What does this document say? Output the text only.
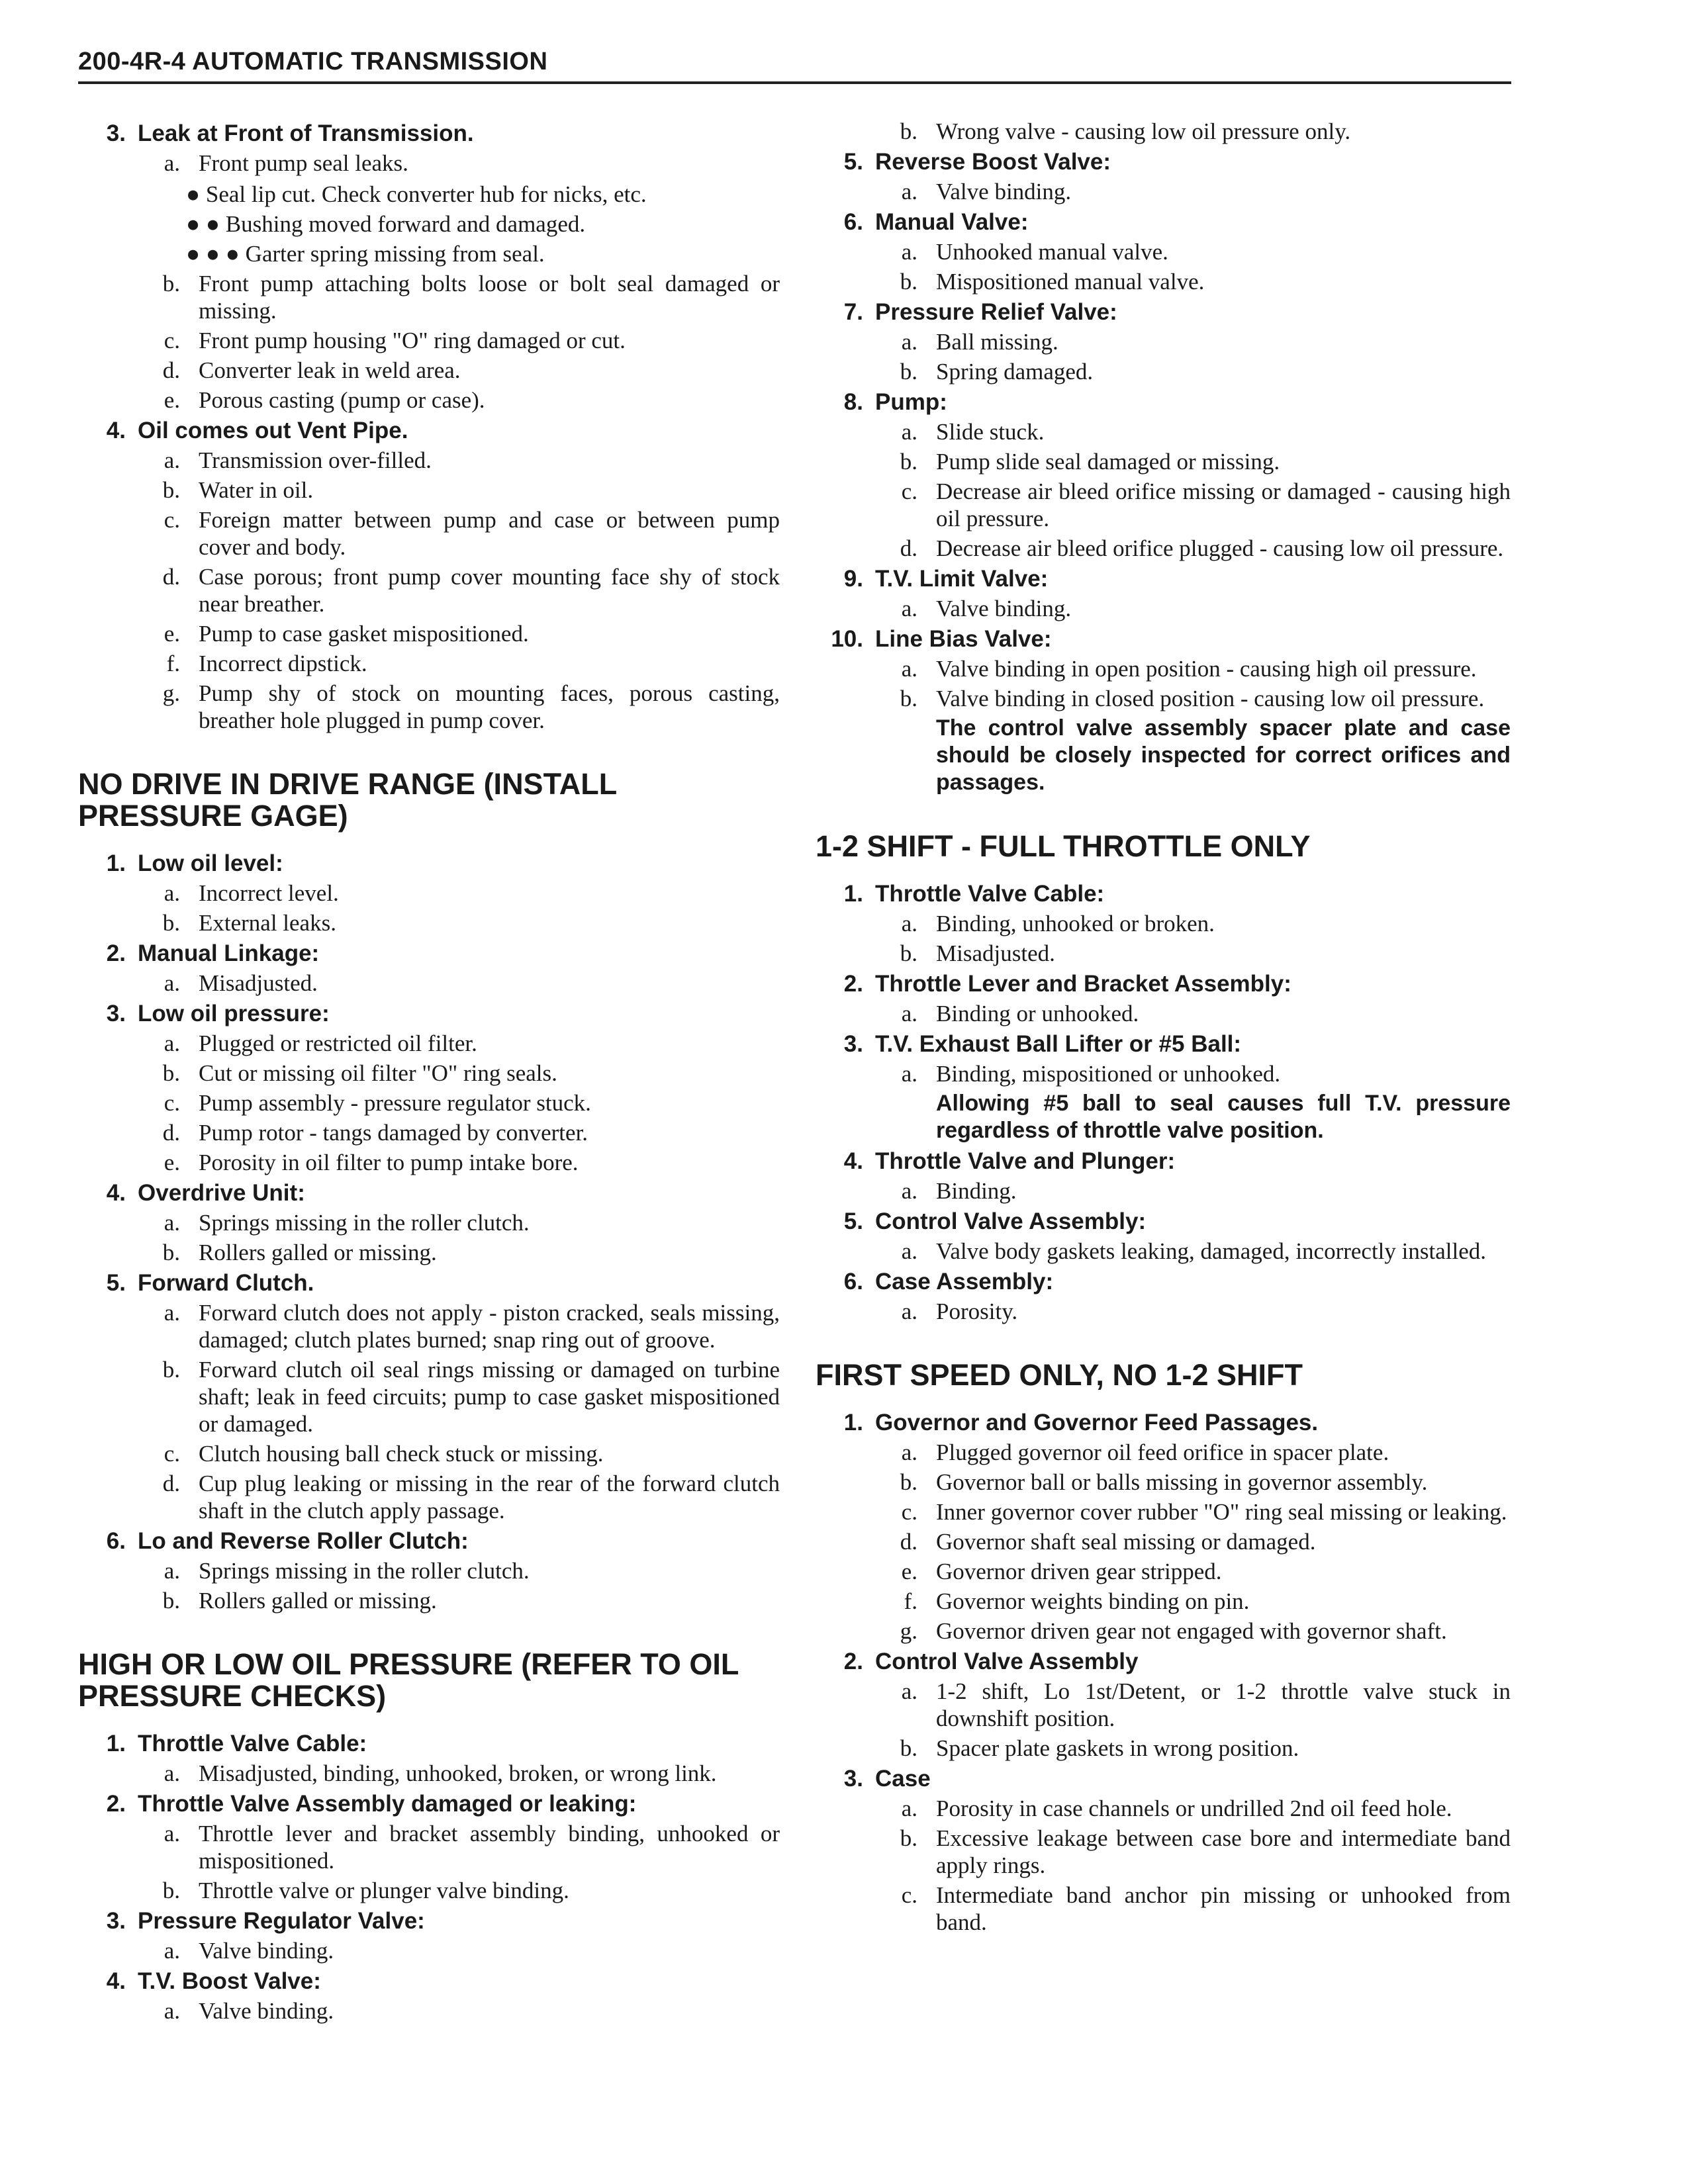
200-4R-4 AUTOMATIC TRANSMISSION
3. Leak at Front of Transmission.
a. Front pump seal leaks.
● Seal lip cut. Check converter hub for nicks, etc.
● ● Bushing moved forward and damaged.
● ● ● Garter spring missing from seal.
b. Front pump attaching bolts loose or bolt seal damaged or missing.
c. Front pump housing "O" ring damaged or cut.
d. Converter leak in weld area.
e. Porous casting (pump or case).
4. Oil comes out Vent Pipe.
a. Transmission over-filled.
b. Water in oil.
c. Foreign matter between pump and case or between pump cover and body.
d. Case porous; front pump cover mounting face shy of stock near breather.
e. Pump to case gasket mispositioned.
f. Incorrect dipstick.
g. Pump shy of stock on mounting faces, porous casting, breather hole plugged in pump cover.
NO DRIVE IN DRIVE RANGE (INSTALL PRESSURE GAGE)
1. Low oil level:
a. Incorrect level.
b. External leaks.
2. Manual Linkage:
a. Misadjusted.
3. Low oil pressure:
a. Plugged or restricted oil filter.
b. Cut or missing oil filter "O" ring seals.
c. Pump assembly - pressure regulator stuck.
d. Pump rotor - tangs damaged by converter.
e. Porosity in oil filter to pump intake bore.
4. Overdrive Unit:
a. Springs missing in the roller clutch.
b. Rollers galled or missing.
5. Forward Clutch.
a. Forward clutch does not apply - piston cracked, seals missing, damaged; clutch plates burned; snap ring out of groove.
b. Forward clutch oil seal rings missing or damaged on turbine shaft; leak in feed circuits; pump to case gasket mispositioned or damaged.
c. Clutch housing ball check stuck or missing.
d. Cup plug leaking or missing in the rear of the forward clutch shaft in the clutch apply passage.
6. Lo and Reverse Roller Clutch:
a. Springs missing in the roller clutch.
b. Rollers galled or missing.
HIGH OR LOW OIL PRESSURE (REFER TO OIL PRESSURE CHECKS)
1. Throttle Valve Cable:
a. Misadjusted, binding, unhooked, broken, or wrong link.
2. Throttle Valve Assembly damaged or leaking:
a. Throttle lever and bracket assembly binding, unhooked or mispositioned.
b. Throttle valve or plunger valve binding.
3. Pressure Regulator Valve:
a. Valve binding.
4. T.V. Boost Valve:
a. Valve binding.
b. Wrong valve - causing low oil pressure only.
5. Reverse Boost Valve:
a. Valve binding.
6. Manual Valve:
a. Unhooked manual valve.
b. Mispositioned manual valve.
7. Pressure Relief Valve:
a. Ball missing.
b. Spring damaged.
8. Pump:
a. Slide stuck.
b. Pump slide seal damaged or missing.
c. Decrease air bleed orifice missing or damaged - causing high oil pressure.
d. Decrease air bleed orifice plugged - causing low oil pressure.
9. T.V. Limit Valve:
a. Valve binding.
10. Line Bias Valve:
a. Valve binding in open position - causing high oil pressure.
b. Valve binding in closed position - causing low oil pressure.
The control valve assembly spacer plate and case should be closely inspected for correct orifices and passages.
1-2 SHIFT - FULL THROTTLE ONLY
1. Throttle Valve Cable:
a. Binding, unhooked or broken.
b. Misadjusted.
2. Throttle Lever and Bracket Assembly:
a. Binding or unhooked.
3. T.V. Exhaust Ball Lifter or #5 Ball:
a. Binding, mispositioned or unhooked.
Allowing #5 ball to seal causes full T.V. pressure regardless of throttle valve position.
4. Throttle Valve and Plunger:
a. Binding.
5. Control Valve Assembly:
a. Valve body gaskets leaking, damaged, incorrectly installed.
6. Case Assembly:
a. Porosity.
FIRST SPEED ONLY, NO 1-2 SHIFT
1. Governor and Governor Feed Passages.
a. Plugged governor oil feed orifice in spacer plate.
b. Governor ball or balls missing in governor assembly.
c. Inner governor cover rubber "O" ring seal missing or leaking.
d. Governor shaft seal missing or damaged.
e. Governor driven gear stripped.
f. Governor weights binding on pin.
g. Governor driven gear not engaged with governor shaft.
2. Control Valve Assembly
a. 1-2 shift, Lo 1st/Detent, or 1-2 throttle valve stuck in downshift position.
b. Spacer plate gaskets in wrong position.
3. Case
a. Porosity in case channels or undrilled 2nd oil feed hole.
b. Excessive leakage between case bore and intermediate band apply rings.
c. Intermediate band anchor pin missing or unhooked from band.
